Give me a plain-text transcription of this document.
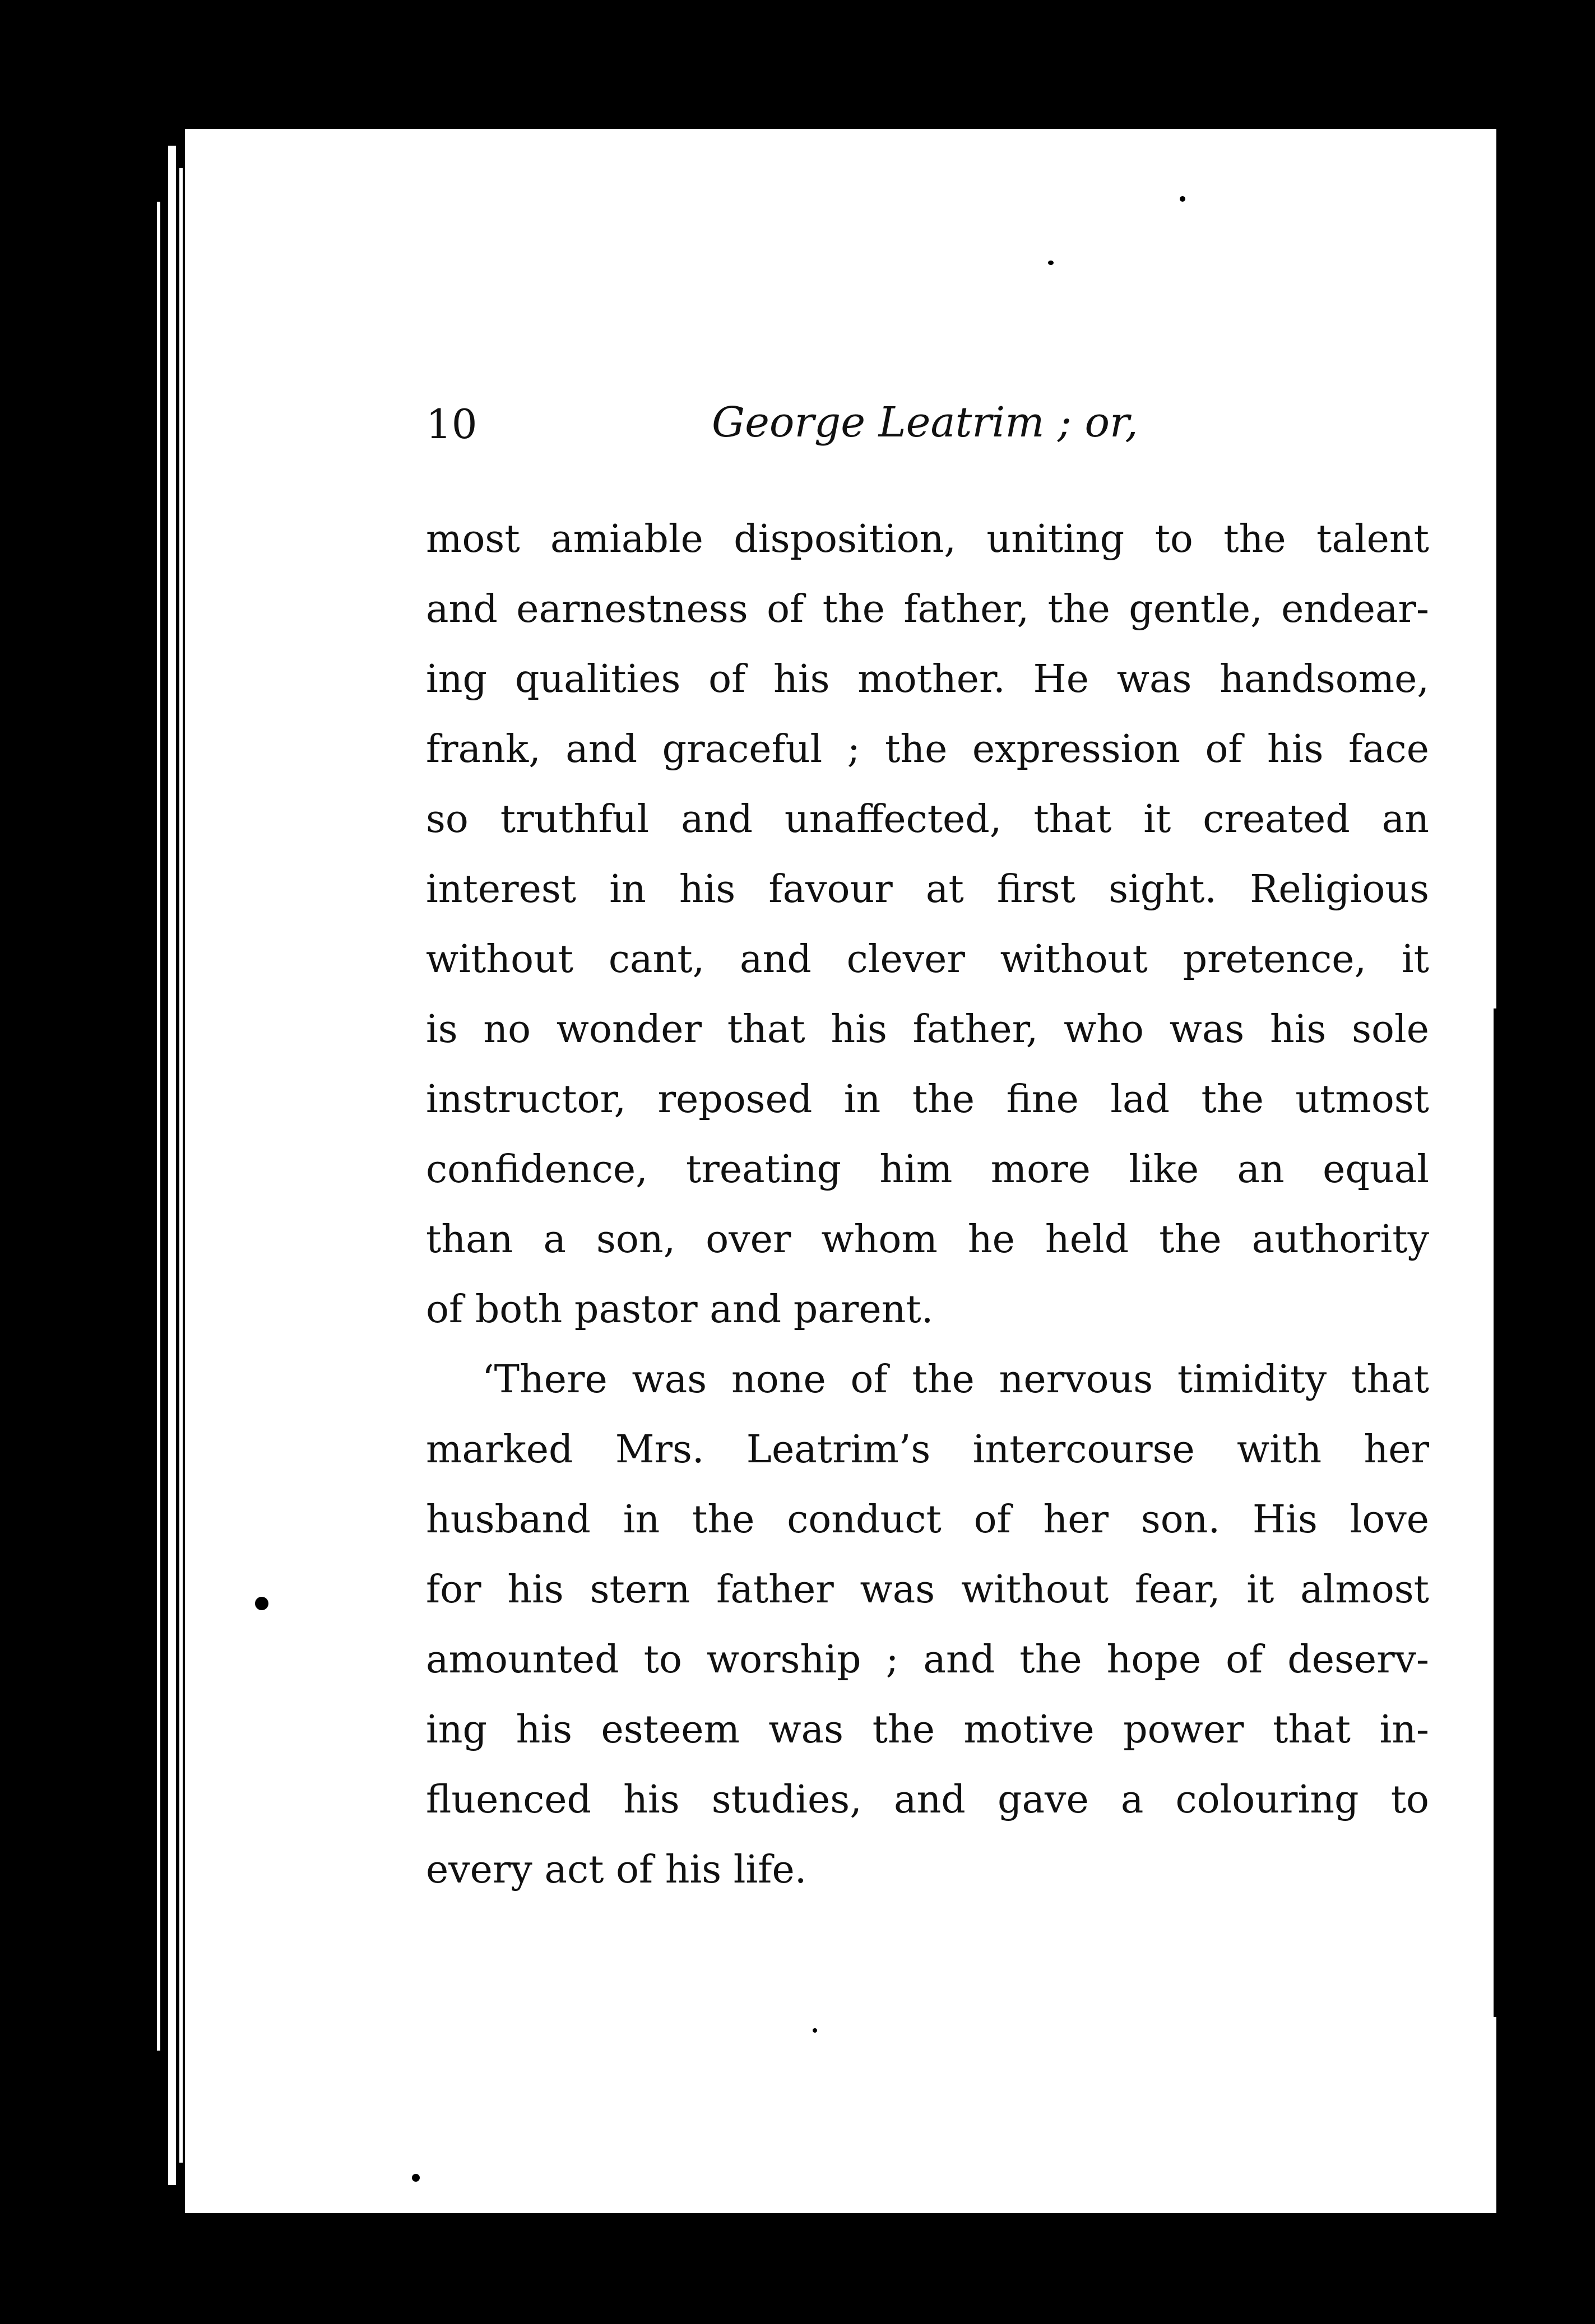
10	George Leatrim ; or,
most amiable disposition, uniting to the talent
and earnestness of the father, the gentle, endear-
ing qualities of his mother. He was handsome,
frank, and graceful ; the expression of his face
so truthful and unaffected, that it created an
interest in his favour at first sight. Religious
without cant, and clever without pretence, it
is no wonder that his father, who was his sole
instructor, reposed in the fine lad the utmost
confidence, treating him more like an equal
than a son, over whom he held the authority
of both pastor and parent.
‘There was none of the nervous timidity that
marked Mrs. Leatrim’s intercourse with her
husband in the conduct of her son. His love
for his stern father was without fear, it almost
amounted to worship ; and the hope of deserv-
ing his esteem was the motive power that in-
fluenced his studies, and gave a colouring to
every act of his life.
